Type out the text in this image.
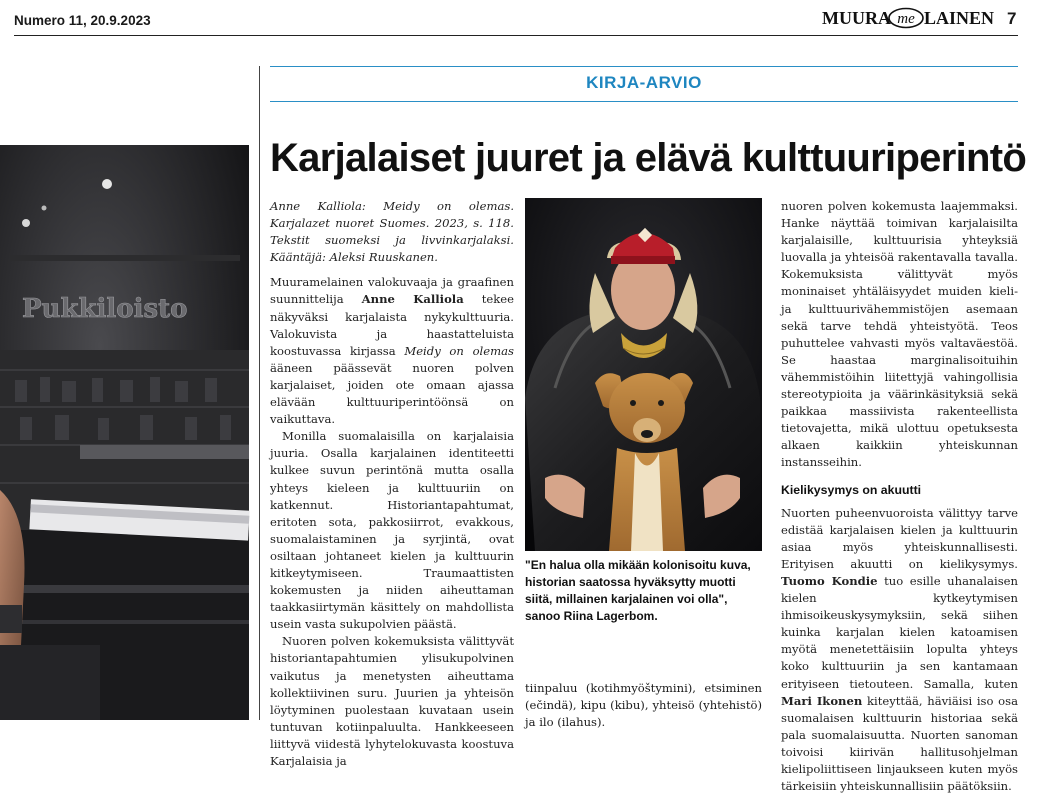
Numero 11, 20.9.2023	MUURA me LAINEN 7
Pukkiloisto
KIRJA-ARVIO
Karjalaiset juuret ja elävä kulttuuriperintö

Anne Kalliola: Meidy on olemas. Karjalazet nuoret Suomes. 2023, s. 118. Tekstit suomeksi ja livvinkarjalaksi. Kääntäjä: Aleksi Ruuskanen.

Muuramelainen valokuvaaja ja graafinen suunnittelija Anne Kalliola tekee näkyväksi karjalaista nykykulttuuria. Valokuvista ja haastatteluista koostuvassa kirjassa Meidy on olemas ääneen päässevät nuoren polven karjalaiset, joiden ote omaan ajassa elävään kulttuuriperintöönsä on vaikuttava.

Monilla suomalaisilla on karjalaisia juuria. Osalla karjalainen identiteetti kulkee suvun perintönä mutta osalla yhteys kieleen ja kulttuuriin on katkennut. Historiantapahtumat, eritoten sota, pakkosiirrot, evakkous, suomalaistaminen ja syrjintä, ovat osiltaan johtaneet kielen ja kulttuurin kitkeytymiseen. Traumaattisten kokemusten ja niiden aiheuttaman taakkasiirtymän käsittely on mahdollista usein vasta sukupolvien päästä.

Nuoren polven kokemuksista välittyvät historiantapahtumien ylisukupolvinen vaikutus ja menetysten aiheuttama kollektiivinen suru. Juurien ja yhteisön löytyminen puolestaan kuvataan usein tuntuvan kotiinpaluulta. Hankkeeseen liittyvä viidestä lyhytelokuvasta koostuva Karjalaisia ja

"En halua olla mikään kolonisoitu kuva, historian saatossa hyväksytty muotti siitä, millainen karjalainen voi olla", sanoo Riina Lagerbom.
tiinpaluu (kotihmyöštymini), etsiminen (ečindä), kipu (kibu), yhteisö (yhtehistö) ja ilo (ilahus).

nuoren polven kokemusta laajemmaksi. Hanke näyttää toimivan karjalaisilta karjalaisille, kulttuurisia yhteyksiä luovalla ja yhteisöä rakentavalla tavalla. Kokemuksista välittyvät myös moninaiset yhtäläisyydet muiden kieli- ja kulttuurivähemmistöjen asemaan sekä tarve tehdä yhteistyötä. Teos puhuttelee vahvasti myös valtaväestöä. Se haastaa marginalisoituihin vähemmistöihin liitettyjä vahingollisia stereotypioita ja väärinkäsityksiä sekä paikkaa massiivista rakenteellista tietovajetta, mikä ulottuu opetuksesta alkaen kaikkiin yhteiskunnan instansseihin.

Kielikysymys on akuutti

Nuorten puheenvuoroista välittyy tarve edistää karjalaisen kielen ja kulttuurin asiaa myös yhteiskunnallisesti. Erityisen akuutti on kielikysymys. Tuomo Kondie tuo esille uhanalaisen kielen kytkeytymisen ihmisoikeuskysymyksiin, sekä siihen kuinka karjalan kielen katoamisen myötä menetettäisiin lopulta yhteys koko kulttuuriin ja sen kantamaan erityiseen tietouteen. Samalla, kuten Mari Ikonen kiteyttää, häviäisi iso osa suomalaisen kulttuurin historiaa sekä pala suomalaisuutta. Nuorten sanoman toivoisi kiirivän hallitusohjelman kielipoliittiseen linjaukseen kuten myös tärkeisiin yhteiskunnallisiin päätöksiin.
